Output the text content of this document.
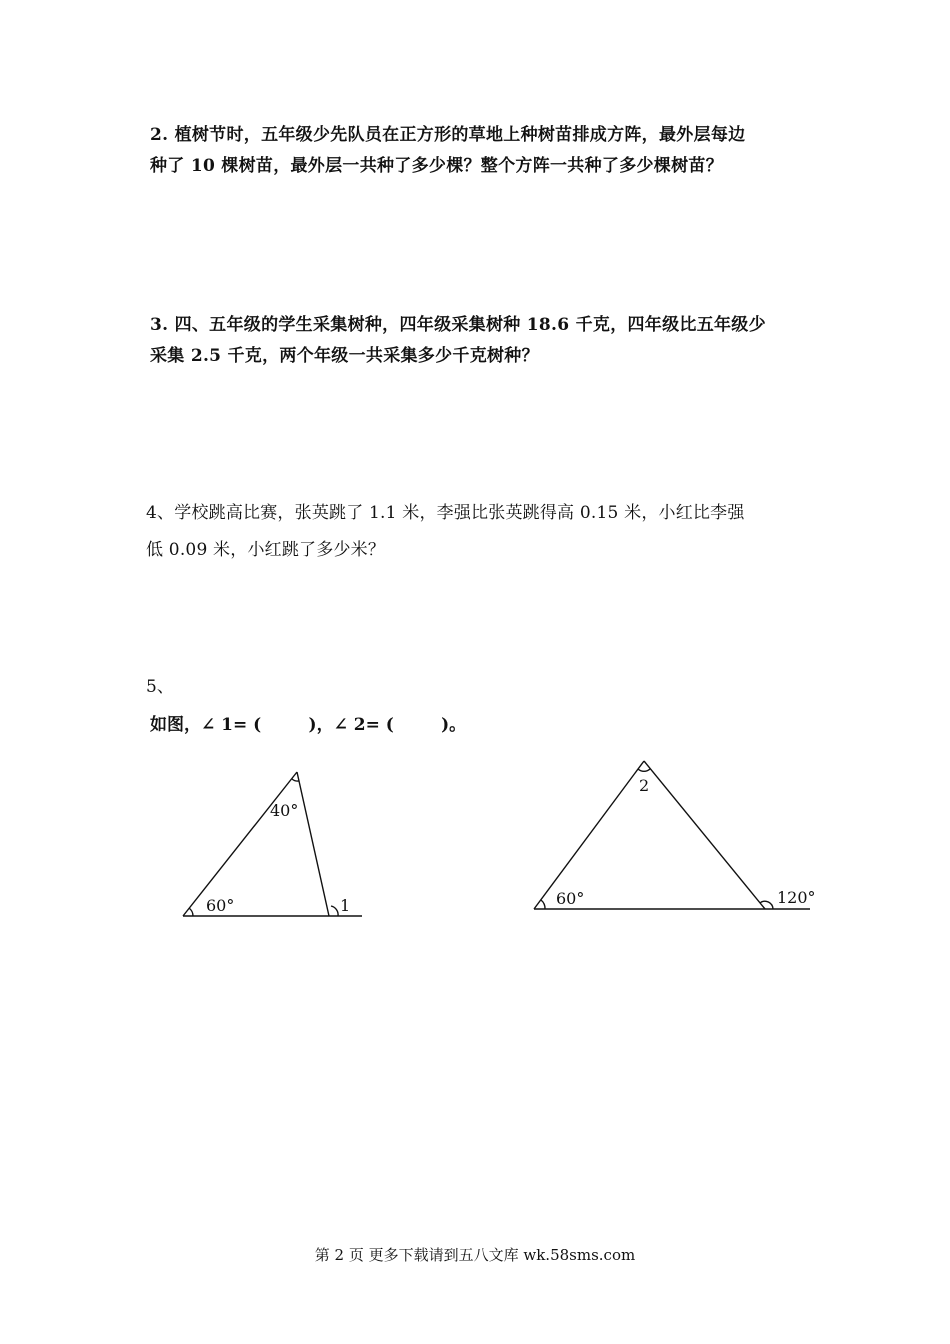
2. 植树节时，五年级少先队员在正方形的草地上种树苗排成方阵，最外层每边
种了 10 棵树苗，最外层一共种了多少棵？整个方阵一共种了多少棵树苗？
3. 四、五年级的学生采集树种，四年级采集树种 18.6 千克，四年级比五年级少
采集 2.5 千克，两个年级一共采集多少千克树种？
4、学校跳高比赛，张英跳了 1.1 米，李强比张英跳得高 0.15 米，小红比李强
低 0.09 米，小红跳了多少米？
5、
如图，∠ 1= (        )，∠ 2= (        )。
40°
60°	1
2
60°	120°
第 2 页 更多下载请到五八文库 wk.58sms.com
